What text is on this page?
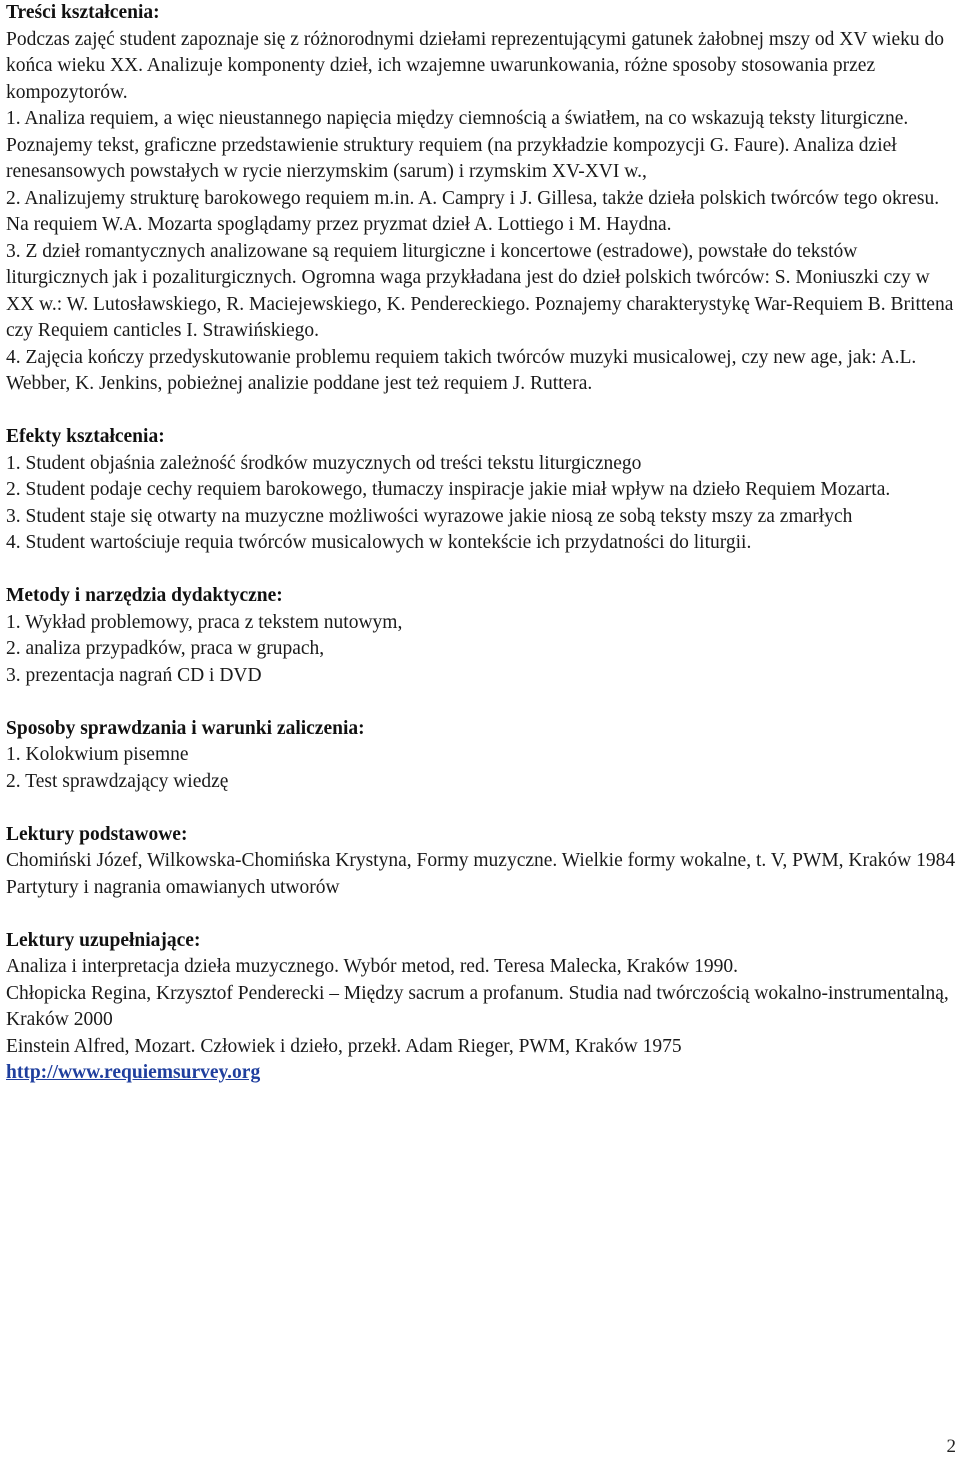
Treści kształcenia:

Podczas zajęć student zapoznaje się z różnorodnymi dziełami reprezentującymi gatunek żałobnej mszy od XV wieku do końca wieku XX. Analizuje komponenty dzieł, ich wzajemne uwarunkowania, różne sposoby stosowania przez kompozytorów.

1. Analiza requiem, a więc nieustannego napięcia między ciemnością a światłem, na co wskazują teksty liturgiczne. Poznajemy tekst, graficzne przedstawienie struktury requiem (na przykładzie kompozycji G. Faure). Analiza dzieł renesansowych powstałych w rycie nierzymskim (sarum) i rzymskim XV-XVI w.,

2. Analizujemy strukturę barokowego requiem m.in. A. Campry i J. Gillesa, także dzieła polskich twórców tego okresu. Na requiem W.A. Mozarta spoglądamy przez pryzmat dzieł A. Lottiego i M. Haydna.

3. Z dzieł romantycznych analizowane są requiem liturgiczne i koncertowe (estradowe), powstałe do tekstów liturgicznych jak i pozaliturgicznych. Ogromna waga przykładana jest do dzieł polskich twórców: S. Moniuszki czy w XX w.: W. Lutosławskiego, R. Maciejewskiego, K. Pendereckiego. Poznajemy charakterystykę War-Requiem B. Brittena czy Requiem canticles I. Strawińskiego.

4. Zajęcia kończy przedyskutowanie problemu requiem takich twórców muzyki musicalowej, czy new age, jak: A.L. Webber, K. Jenkins, pobieżnej analizie poddane jest też requiem J. Ruttera.

Efekty kształcenia:

1. Student objaśnia zależność środków muzycznych od treści tekstu liturgicznego

2. Student podaje cechy requiem barokowego, tłumaczy inspiracje jakie miał wpływ na dzieło Requiem Mozarta.

3. Student staje się otwarty na muzyczne możliwości wyrazowe jakie niosą ze sobą teksty mszy za zmarłych

4. Student wartościuje requia twórców musicalowych w kontekście ich przydatności do liturgii.

Metody i narzędzia dydaktyczne:

1. Wykład problemowy, praca z tekstem nutowym,

2. analiza przypadków, praca w grupach,

3. prezentacja nagrań CD i DVD

Sposoby sprawdzania i warunki zaliczenia:

1. Kolokwium pisemne

2. Test sprawdzający wiedzę

Lektury podstawowe:

Chomiński Józef, Wilkowska-Chomińska Krystyna, Formy muzyczne. Wielkie formy wokalne, t. V, PWM, Kraków 1984

Partytury i nagrania omawianych utworów

Lektury uzupełniające:

Analiza i interpretacja dzieła muzycznego. Wybór metod, red. Teresa Malecka, Kraków 1990.

Chłopicka Regina, Krzysztof Penderecki – Między sacrum a profanum. Studia nad twórczością wokalno-instrumentalną, Kraków 2000

Einstein Alfred, Mozart. Człowiek i dzieło, przekł. Adam Rieger, PWM, Kraków 1975

http://www.requiemsurvey.org

2
